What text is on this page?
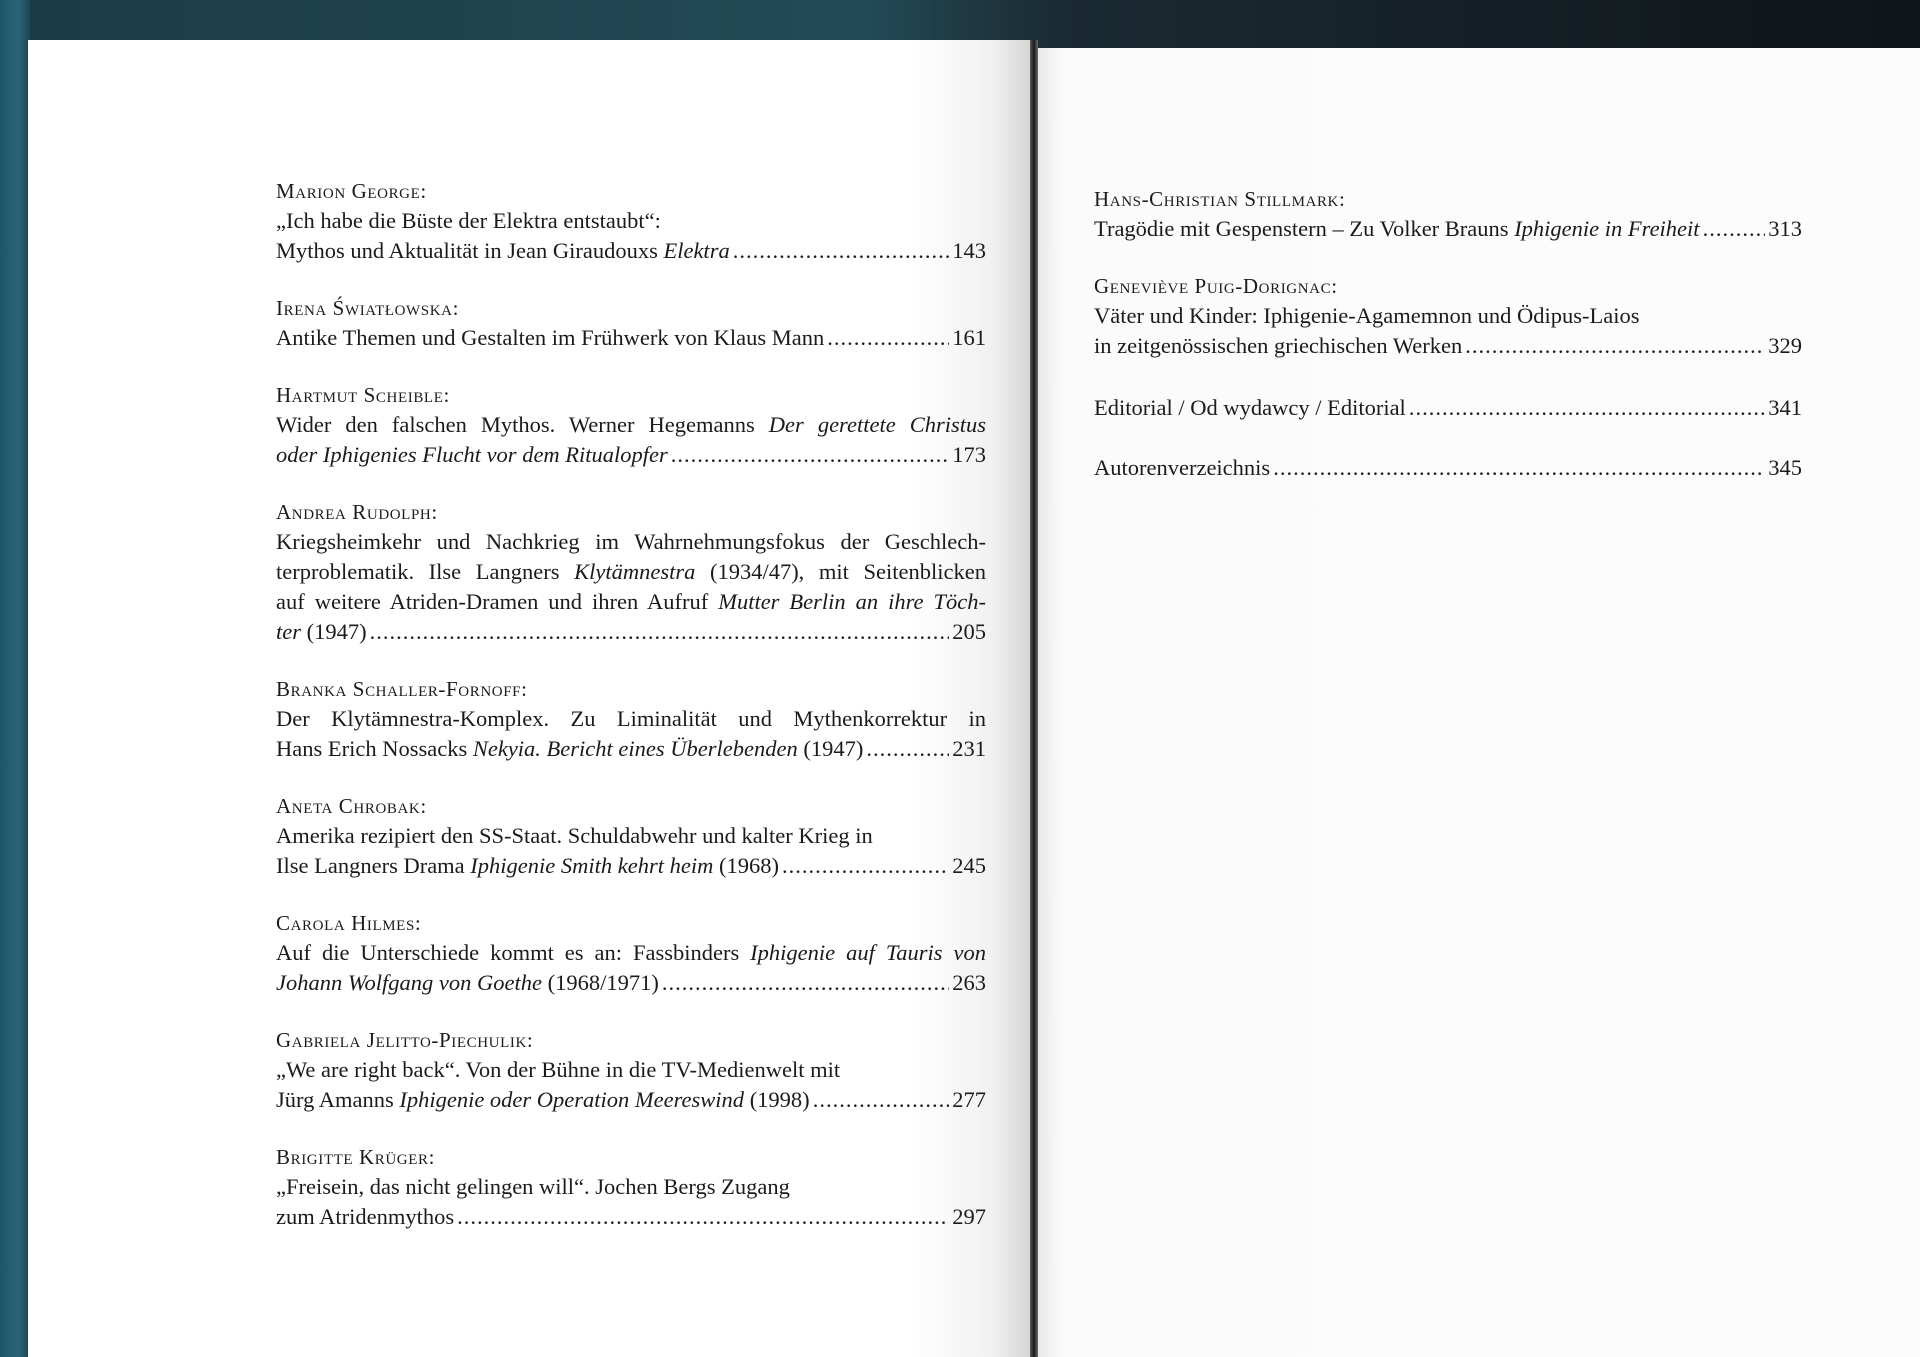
Marion George:
„Ich habe die Büste der Elektra entstaubt“:
Mythos und Aktualität in Jean Giraudouxs Elektra .....	143
Irena Światłowska:
Antike Themen und Gestalten im Frühwerk von Klaus Mann .....	161
Hartmut Scheible:
Wider den falschen Mythos. Werner Hegemanns Der gerettete Christus
oder Iphigenies Flucht vor dem Ritualopfer .....	173
Andrea Rudolph:
Kriegsheimkehr und Nachkrieg im Wahrnehmungsfokus der Geschlech-
terproblematik. Ilse Langners Klytämnestra (1934/47), mit Seitenblicken
auf weitere Atriden-Dramen und ihren Aufruf Mutter Berlin an ihre Töch-
ter (1947) .....	205
Branka Schaller-Fornoff:
Der Klytämnestra-Komplex. Zu Liminalität und Mythenkorrektur in
Hans Erich Nossacks Nekyia. Bericht eines Überlebenden (1947) .....	231
Aneta Chrobak:
Amerika rezipiert den SS-Staat. Schuldabwehr und kalter Krieg in
Ilse Langners Drama Iphigenie Smith kehrt heim (1968) .....	245
Carola Hilmes:
Auf die Unterschiede kommt es an: Fassbinders Iphigenie auf Tauris von
Johann Wolfgang von Goethe (1968/1971) .....	263
Gabriela Jelitto-Piechulik:
„We are right back“. Von der Bühne in die TV-Medienwelt mit
Jürg Amanns Iphigenie oder Operation Meereswind (1998) .....	277
Brigitte Krüger:
„Freisein, das nicht gelingen will“. Jochen Bergs Zugang
zum Atridenmythos .....	297
Hans-Christian Stillmark:
Tragödie mit Gespenstern – Zu Volker Brauns Iphigenie in Freiheit .....	313
Geneviève Puig-Dorignac:
Väter und Kinder: Iphigenie-Agamemnon und Ödipus-Laios
in zeitgenössischen griechischen Werken .....	329
Editorial / Od wydawcy / Editorial .....	341
Autorenverzeichnis .....	345
